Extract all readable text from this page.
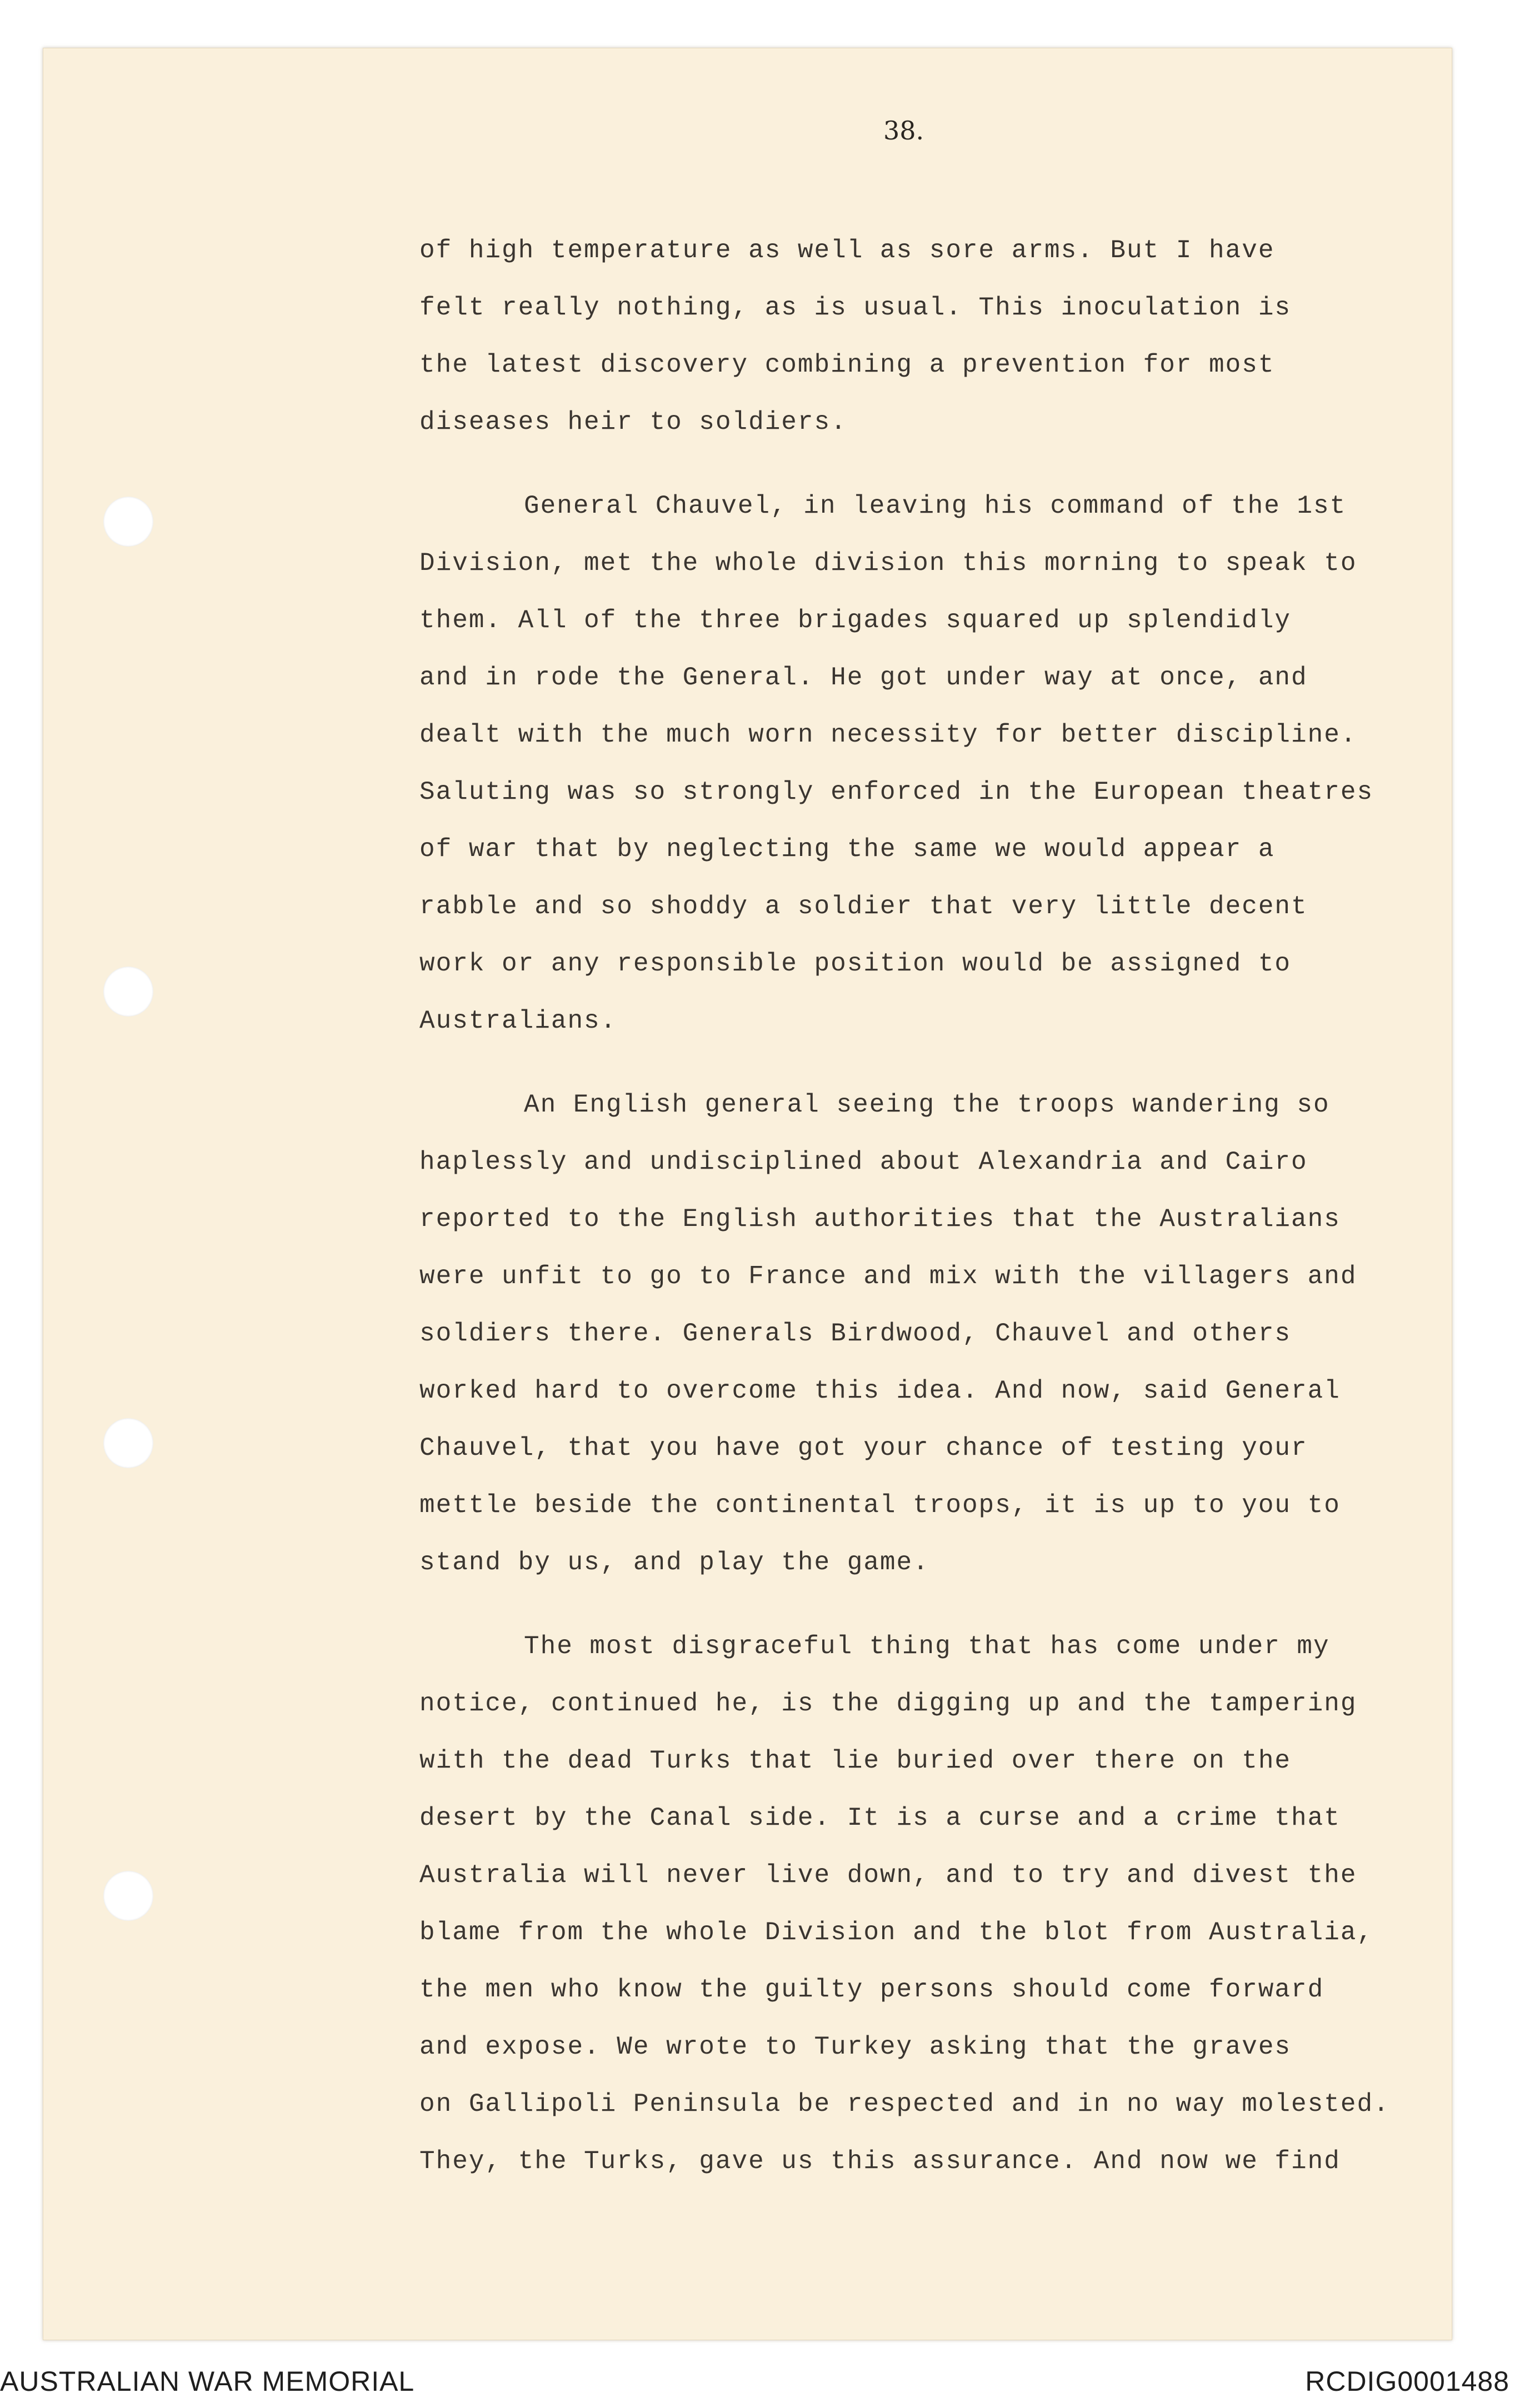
38.
of high temperature as well as sore arms. But I have
felt really nothing, as is usual. This inoculation is
the latest discovery combining a prevention for most
diseases heir to soldiers.
General Chauvel, in leaving his command of the 1st
Division, met the whole division this morning to speak to
them. All of the three brigades squared up splendidly
and in rode the General. He got under way at once, and
dealt with the much worn necessity for better discipline.
Saluting was so strongly enforced in the European theatres
of war that by neglecting the same we would appear a
rabble and so shoddy a soldier that very little decent
work or any responsible position would be assigned to
Australians.
An English general seeing the troops wandering so
haplessly and undisciplined about Alexandria and Cairo
reported to the English authorities that the Australians
were unfit to go to France and mix with the villagers and
soldiers there. Generals Birdwood, Chauvel and others
worked hard to overcome this idea. And now, said General
Chauvel, that you have got your chance of testing your
mettle beside the continental troops, it is up to you to
stand by us, and play the game.
The most disgraceful thing that has come under my
notice, continued he, is the digging up and the tampering
with the dead Turks that lie buried over there on the
desert by the Canal side. It is a curse and a crime that
Australia will never live down, and to try and divest the
blame from the whole Division and the blot from Australia,
the men who know the guilty persons should come forward
and expose. We wrote to Turkey asking that the graves
on Gallipoli Peninsula be respected and in no way molested.
They, the Turks, gave us this assurance. And now we find
AUSTRALIAN WAR MEMORIAL	RCDIG0001488
